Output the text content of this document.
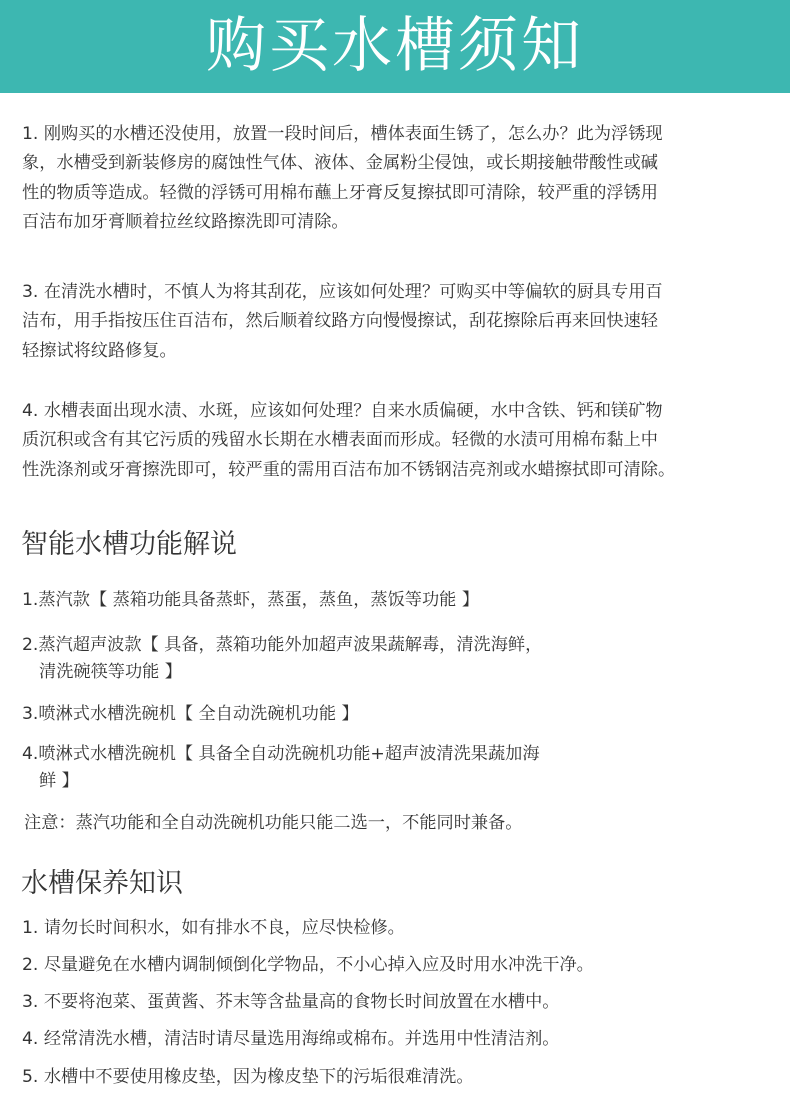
购买水槽须知

1. 刚购买的水槽还没使用，放置一段时间后，槽体表面生锈了，怎么办？此为浮锈现
象，水槽受到新装修房的腐蚀性气体、液体、金属粉尘侵蚀，或长期接触带酸性或碱
性的物质等造成。轻微的浮锈可用棉布蘸上牙膏反复擦拭即可清除，较严重的浮锈用
百洁布加牙膏顺着拉丝纹路擦洗即可清除。

3. 在清洗水槽时，不慎人为将其刮花，应该如何处理？可购买中等偏软的厨具专用百
洁布，用手指按压住百洁布，然后顺着纹路方向慢慢擦试，刮花擦除后再来回快速轻
轻擦试将纹路修复。

4. 水槽表面出现水渍、水斑，应该如何处理？自来水质偏硬，水中含铁、钙和镁矿物
质沉积或含有其它污质的残留水长期在水槽表面而形成。轻微的水渍可用棉布黏上中
性洗涤剂或牙膏擦洗即可，较严重的需用百洁布加不锈钢洁亮剂或水蜡擦拭即可清除。

智能水槽功能解说

1.蒸汽款【 蒸箱功能具备蒸虾，蒸蛋，蒸鱼，蒸饭等功能 】

2.蒸汽超声波款【 具备，蒸箱功能外加超声波果蔬解毒，清洗海鲜，
清洗碗筷等功能 】

3.喷淋式水槽洗碗机【 全自动洗碗机功能 】

4.喷淋式水槽洗碗机【 具备全自动洗碗机功能+超声波清洗果蔬加海
鲜 】

注意：蒸汽功能和全自动洗碗机功能只能二选一，不能同时兼备。

水槽保养知识

1. 请勿长时间积水，如有排水不良，应尽快检修。

2. 尽量避免在水槽内调制倾倒化学物品，不小心掉入应及时用水冲洗干净。

3. 不要将泡菜、蛋黄酱、芥末等含盐量高的食物长时间放置在水槽中。

4. 经常清洗水槽，清洁时请尽量选用海绵或棉布。并选用中性清洁剂。

5. 水槽中不要使用橡皮垫，因为橡皮垫下的污垢很难清洗。
